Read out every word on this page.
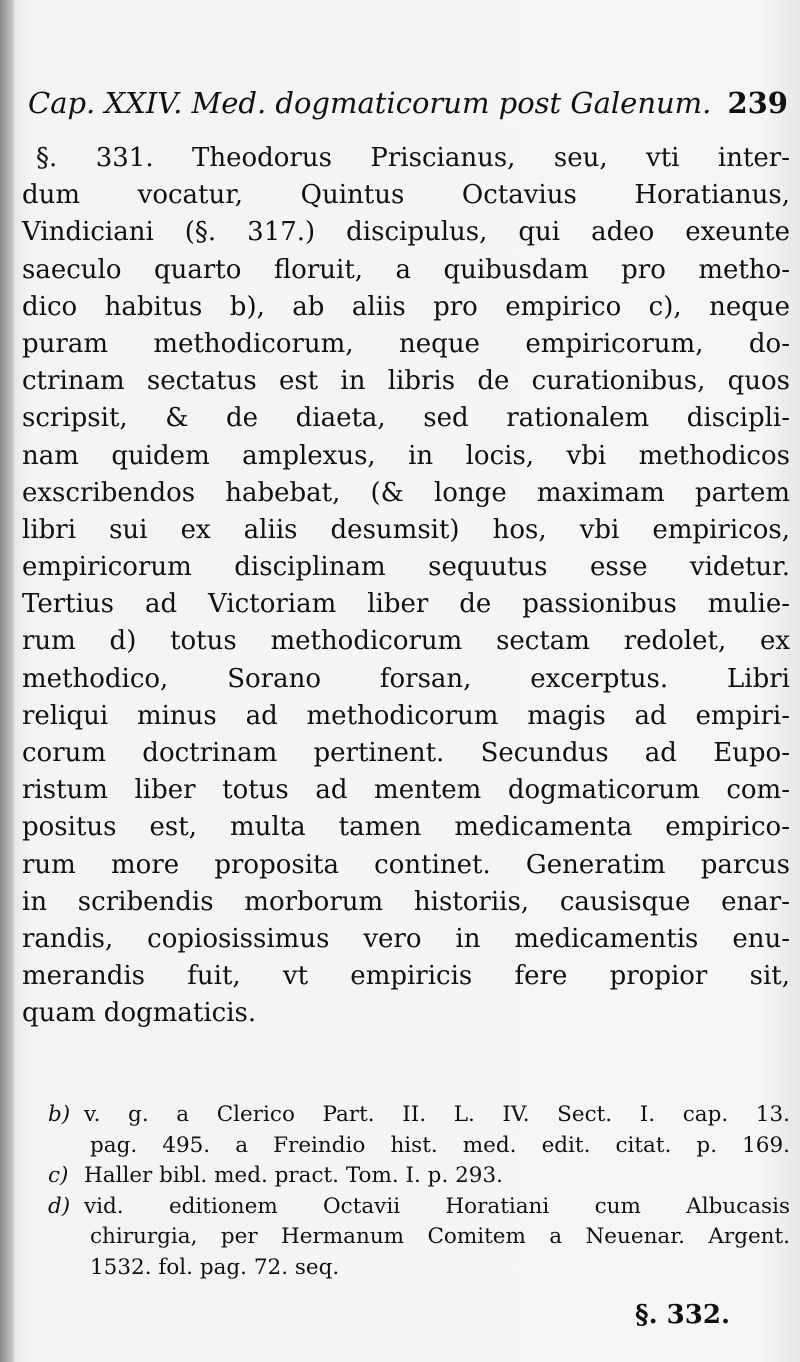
Cap. XXIV. Med. dogmaticorum post Galenum. 239
§. 331. Theodorus Priscianus, seu, vti inter-
dum vocatur, Quintus Octavius Horatianus,
Vindiciani (§. 317.) discipulus, qui adeo exeunte
saeculo quarto floruit, a quibusdam pro metho-
dico habitus b), ab aliis pro empirico c), neque
puram methodicorum, neque empiricorum, do-
ctrinam sectatus est in libris de curationibus, quos
scripsit, & de diaeta, sed rationalem discipli-
nam quidem amplexus, in locis, vbi methodicos
exscribendos habebat, (& longe maximam partem
libri sui ex aliis desumsit) hos, vbi empiricos,
empiricorum disciplinam sequutus esse videtur.
Tertius ad Victoriam liber de passionibus mulie-
rum d) totus methodicorum sectam redolet, ex
methodico, Sorano forsan, excerptus. Libri
reliqui minus ad methodicorum magis ad empiri-
corum doctrinam pertinent. Secundus ad Eupo-
ristum liber totus ad mentem dogmaticorum com-
positus est, multa tamen medicamenta empirico-
rum more proposita continet. Generatim parcus
in scribendis morborum historiis, causisque enar-
randis, copiosissimus vero in medicamentis enu-
merandis fuit, vt empiricis fere propior sit,
quam dogmaticis.
b) v. g. a Clerico Part. II. L. IV. Sect. I. cap. 13.
pag. 495. a Freindio hist. med. edit. citat. p. 169.
c) Haller bibl. med. pract. Tom. I. p. 293.
d) vid. editionem Octavii Horatiani cum Albucasis
chirurgia, per Hermanum Comitem a Neuenar. Argent.
1532. fol. pag. 72. seq.
§. 332.
